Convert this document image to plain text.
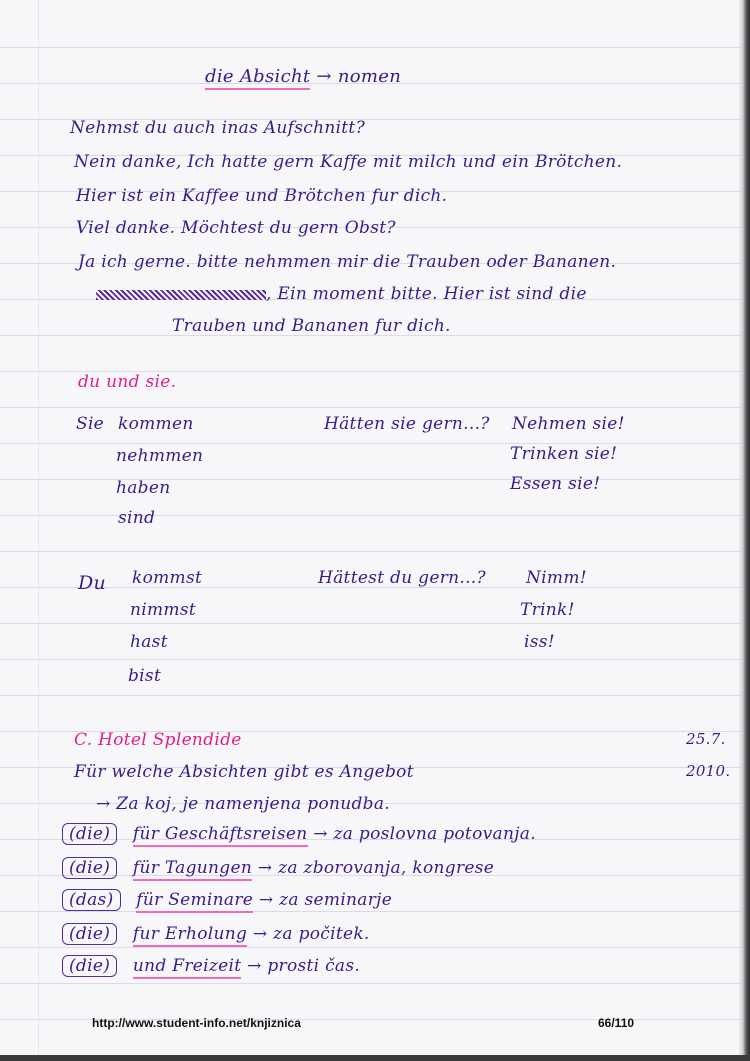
die Absicht → nomen
Nehmst du auch inas Aufschnitt?
Nein danke, Ich hatte gern Kaffe mit milch und ein Brötchen.
Hier ist ein Kaffee und Brötchen fur dich.
Viel danke. Möchtest du gern Obst?
Ja ich gerne. bitte nehmmen mir die Trauben oder Bananen.
, Ein moment bitte. Hier ist sind die
Trauben und Bananen fur dich.
du und sie.
Sie kommen
nehmmen
haben
sind
Hätten sie gern...? Nehmen sie!
Trinken sie!
Essen sie!
Du kommst
nimmst
hast
bist
Hättest du gern...? Nimm!
Trink!
iss!
C. Hotel Splendide	25.7.
2010.
Für welche Absichten gibt es Angebot
→ Za koj, je namenjena ponudba.
(die) für Geschäftsreisen → za poslovna potovanja.
(die) für Tagungen → za zborovanja, kongrese
(das) für Seminare → za seminarje
(die) fur Erholung → za počitek.
(die) und Freizeit → prosti čas.
http://www.student-info.net/knjiznica	66/110
